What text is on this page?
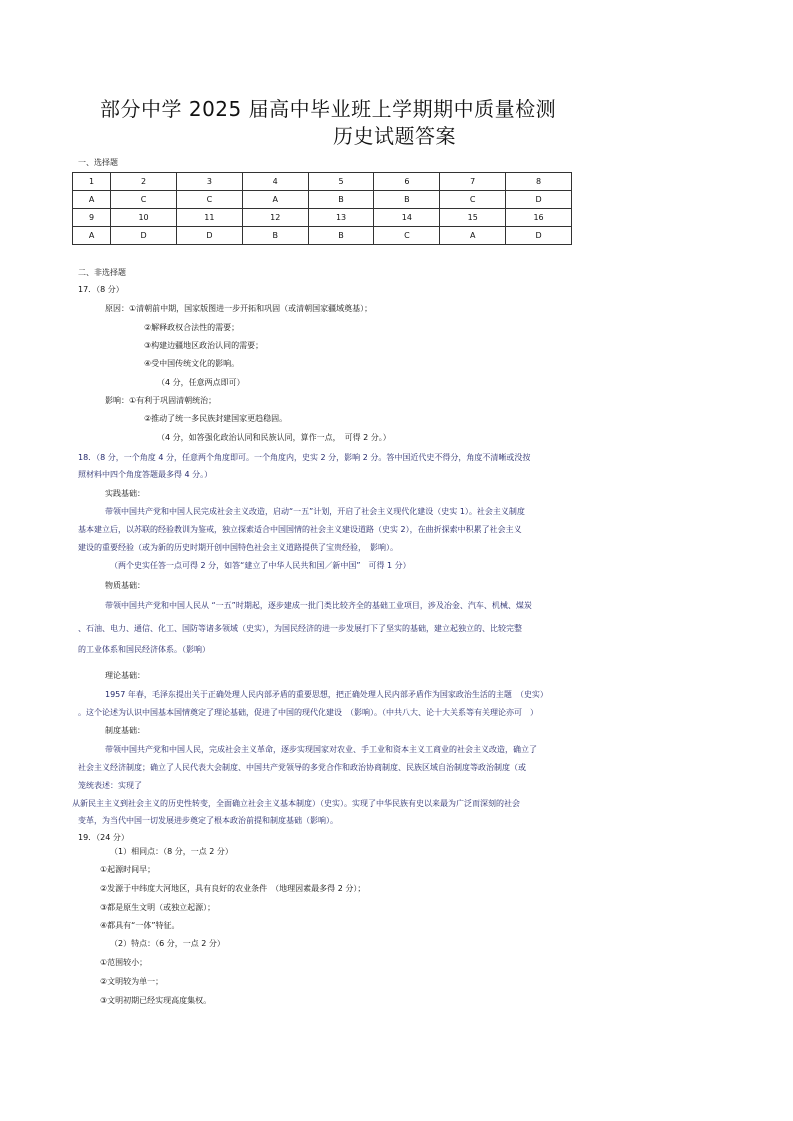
部分中学 2025 届高中毕业班上学期期中质量检测
历史试题答案
一、选择题
1	2	3	4	5	6	7	8
A	C	C	A	B	B	C	D
9	10	11	12	13	14	15	16
A	D	D	B	B	C	A	D
二、非选择题
17．（8 分）
原因：①清朝前中期，国家版图进一步开拓和巩固（或清朝国家疆域奠基）；
②解释政权合法性的需要；
③构建边疆地区政治认同的需要；
④受中国传统文化的影响。
（4 分，任意两点即可）
影响：①有利于巩固清朝统治；
②推动了统一多民族封建国家更趋稳固。
（4 分，如答强化政治认同和民族认同，算作一点，　可得 2 分。）
18．（8 分，一个角度 4 分，任意两个角度即可。一个角度内，史实 2 分，影响 2 分。答中国近代史不得分，角度不清晰或没按
照材料中四个角度答题最多得 4 分。）
实践基础：
带领中国共产党和中国人民完成社会主义改造，启动“一五”计划，开启了社会主义现代化建设（史实 1）。社会主义制度
基本建立后，以苏联的经验教训为鉴戒，独立探索适合中国国情的社会主义建设道路（史实 2），在曲折探索中积累了社会主义
建设的重要经验（或为新的历史时期开创中国特色社会主义道路提供了宝贵经验，　影响）。
（两个史实任答一点可得 2 分，如答“建立了中华人民共和国／新中国”　可得 1 分）
物质基础：
带领中国共产党和中国人民从 “一五”时期起，逐步建成一批门类比较齐全的基础工业项目，涉及冶金、汽车、机械、煤炭
、石油、电力、通信、化工、国防等诸多领域（史实），为国民经济的进一步发展打下了坚实的基础，建立起独立的、比较完整
的工业体系和国民经济体系。（影响）
理论基础：
1957 年春，毛泽东提出关于正确处理人民内部矛盾的重要思想，把正确处理人民内部矛盾作为国家政治生活的主题　（史实）
。这个论述为认识中国基本国情奠定了理论基础，促进了中国的现代化建设　（影响）。（中共八大、论十大关系等有关理论亦可　）
制度基础：
带领中国共产党和中国人民，完成社会主义革命，逐步实现国家对农业、手工业和资本主义工商业的社会主义改造，确立了
社会主义经济制度；确立了人民代表大会制度、中国共产党领导的多党合作和政治协商制度、民族区域自治制度等政治制度（或
笼统表述：实现了
从新民主主义到社会主义的历史性转变，全面确立社会主义基本制度）（史实）。实现了中华民族有史以来最为广泛而深刻的社会
变革，为当代中国一切发展进步奠定了根本政治前提和制度基础（影响）。
19．（24 分）
（1）相同点：（8 分，一点 2 分）
①起源时间早；
②发源于中纬度大河地区，具有良好的农业条件　（地理因素最多得 2 分）；
③都是原生文明（或独立起源）；
④都具有“一体”特征。
（2）特点：（6 分，一点 2 分）
①范围较小；
②文明较为单一；
③文明初期已经实现高度集权。
